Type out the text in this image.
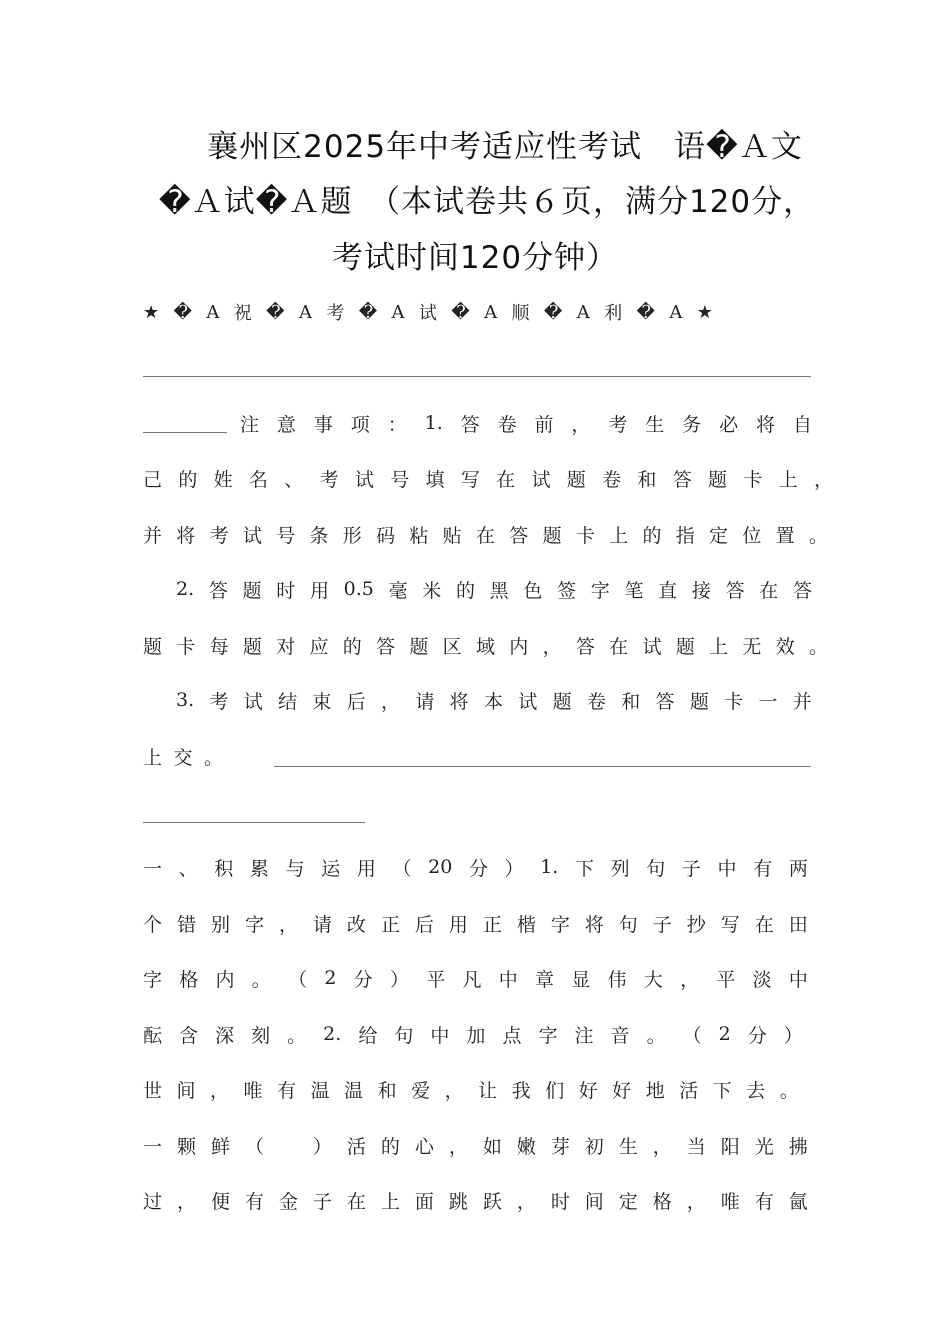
襄州区2025年中考适应性考试　语�Ａ文
�Ａ试�Ａ题　（本试卷共６页，满分120分，
考试时间120分钟）
★ � A 祝 � A 考 � A 试 � A 顺 � A 利 � A ★
注 意 事 项 ： 1. 答 卷 前 ， 考 生 务 必 将 自
己 的 姓 名 、 考 试 号 填 写 在 试 题 卷 和 答 题 卡 上 ，
并 将 考 试 号 条 形 码 粘 贴 在 答 题 卡 上 的 指 定 位 置 。
2. 答 题 时 用 0.5 毫 米 的 黑 色 签 字 笔 直 接 答 在 答
题 卡 每 题 对 应 的 答 题 区 域 内 ， 答 在 试 题 上 无 效 。
3. 考 试 结 束 后 ， 请 将 本 试 题 卷 和 答 题 卡 一 并
上 交 。
一 、 积 累 与 运 用 （ 20 分 ） 1. 下 列 句 子 中 有 两
个 错 别 字 ， 请 改 正 后 用 正 楷 字 将 句 子 抄 写 在 田
字 格 内 。 （ 2 分 ） 平 凡 中 章 显 伟 大 ， 平 淡 中
酝 含 深 刻 。 2. 给 句 中 加 点 字 注 音 。 （ 2 分 ）
世 间 ， 唯 有 温 温 和 爱 ， 让 我 们 好 好 地 活 下 去 。
一 颗 鲜 （
　	） 活 的 心 ， 如 嫩 芽 初 生 ， 当 阳 光 拂
过 ， 便 有 金 子 在 上 面 跳 跃 ， 时 间 定 格 ， 唯 有 氤
